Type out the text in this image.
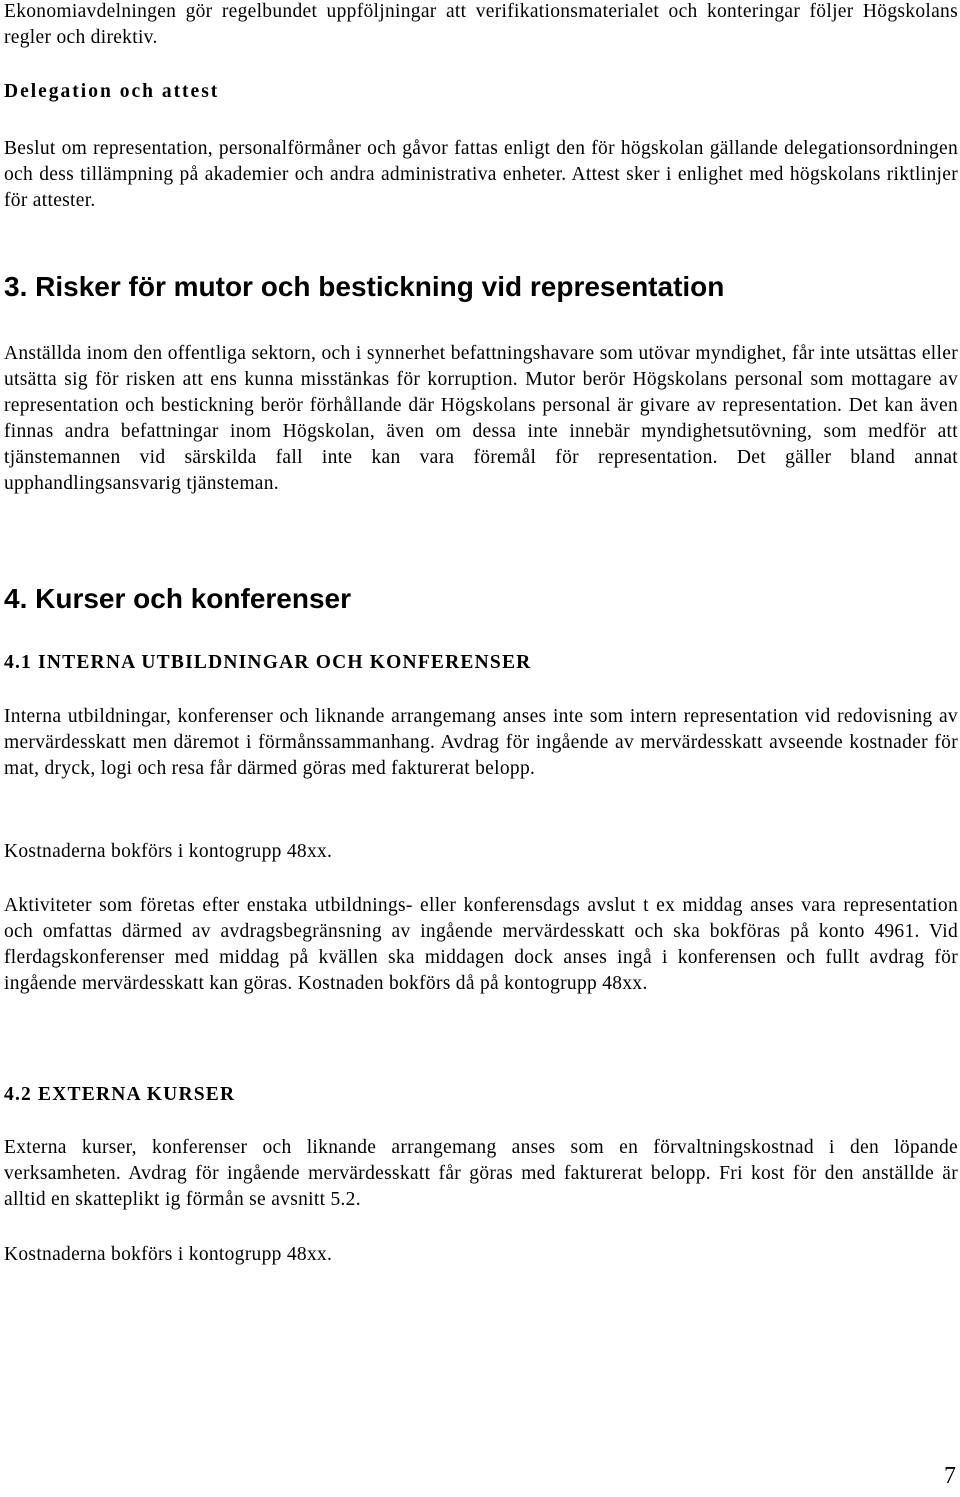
Ekonomiavdelningen gör regelbundet uppföljningar att verifikationsmaterialet och konteringar följer Högskolans regler och direktiv.

Delegation och attest

Beslut om representation, personalförmåner och gåvor fattas enligt den för högskolan gällande delegationsordningen och dess tillämpning på akademier och andra administrativa enheter. Attest sker i enlighet med högskolans riktlinjer för attester.

3. Risker för mutor och bestickning vid representation

Anställda inom den offentliga sektorn, och i synnerhet befattningshavare som utövar myndighet, får inte utsättas eller utsätta sig för risken att ens kunna misstänkas för korruption. Mutor berör Högskolans personal som mottagare av representation och bestickning berör förhållande där Högskolans personal är givare av representation. Det kan även finnas andra befattningar inom Högskolan, även om dessa inte innebär myndighetsutövning, som medför att tjänstemannen vid särskilda fall inte kan vara föremål för representation. Det gäller bland annat upphandlingsansvarig tjänsteman.

4. Kurser och konferenser
4.1 INTERNA UTBILDNINGAR OCH KONFERENSER

Interna utbildningar, konferenser och liknande arrangemang anses inte som intern representation vid redovisning av mervärdesskatt men däremot i förmånssammanhang. Avdrag för ingående av mervärdesskatt avseende kostnader för mat, dryck, logi och resa får därmed göras med fakturerat belopp.

Kostnaderna bokförs i kontogrupp 48xx.

Aktiviteter som företas efter enstaka utbildnings- eller konferensdags avslut t ex middag anses vara representation och omfattas därmed av avdragsbegränsning av ingående mervärdesskatt och ska bokföras på konto 4961. Vid flerdagskonferenser med middag på kvällen ska middagen dock anses ingå i konferensen och fullt avdrag för ingående mervärdesskatt kan göras. Kostnaden bokförs då på kontogrupp 48xx.

4.2 EXTERNA KURSER

Externa kurser, konferenser och liknande arrangemang anses som en förvaltningskostnad i den löpande verksamheten. Avdrag för ingående mervärdesskatt får göras med fakturerat belopp. Fri kost för den anställde är alltid en skatteplikt ig förmån se avsnitt 5.2.

Kostnaderna bokförs i kontogrupp 48xx.

7
